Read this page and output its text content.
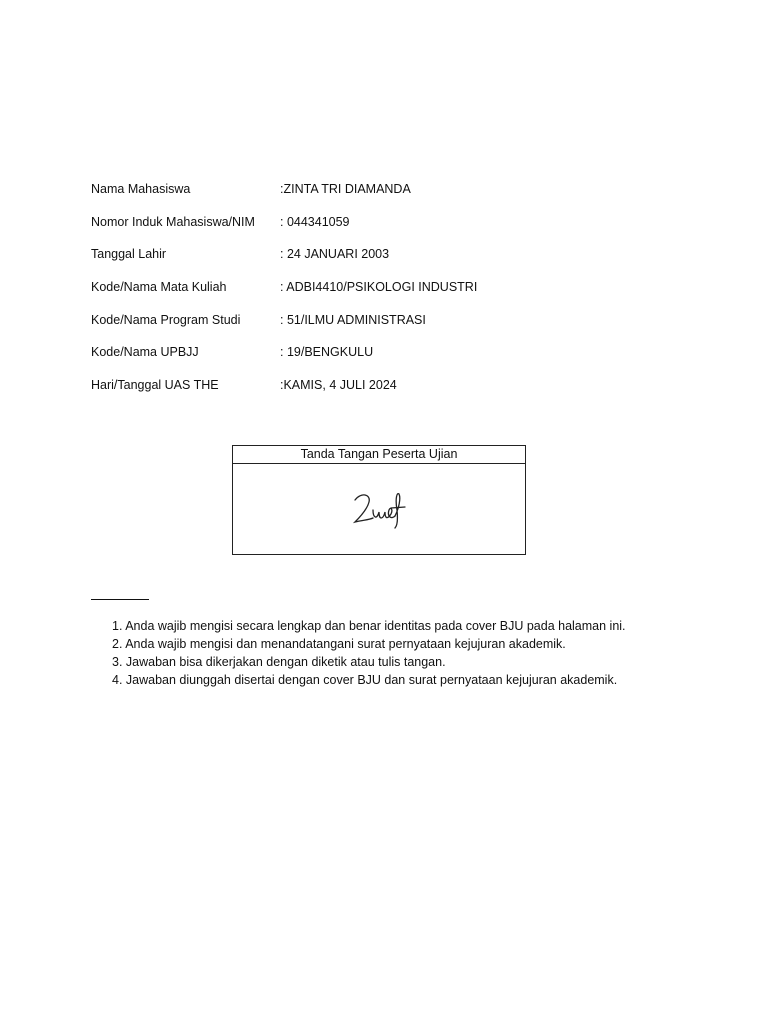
Nama Mahasiswa	:ZINTA TRI DIAMANDA
Nomor Induk Mahasiswa/NIM	: 044341059
Tanggal Lahir	: 24 JANUARI 2003
Kode/Nama Mata Kuliah	: ADBI4410/PSIKOLOGI INDUSTRI
Kode/Nama Program Studi	: 51/ILMU ADMINISTRASI
Kode/Nama UPBJJ	: 19/BENGKULU
Hari/Tanggal UAS THE	:KAMIS, 4 JULI 2024
Tanda Tangan Peserta Ujian
1. Anda wajib mengisi secara lengkap dan benar identitas pada cover BJU pada halaman ini.
2. Anda wajib mengisi dan menandatangani surat pernyataan kejujuran akademik.
3. Jawaban bisa dikerjakan dengan diketik atau tulis tangan.
4. Jawaban diunggah disertai dengan cover BJU dan surat pernyataan kejujuran akademik.
